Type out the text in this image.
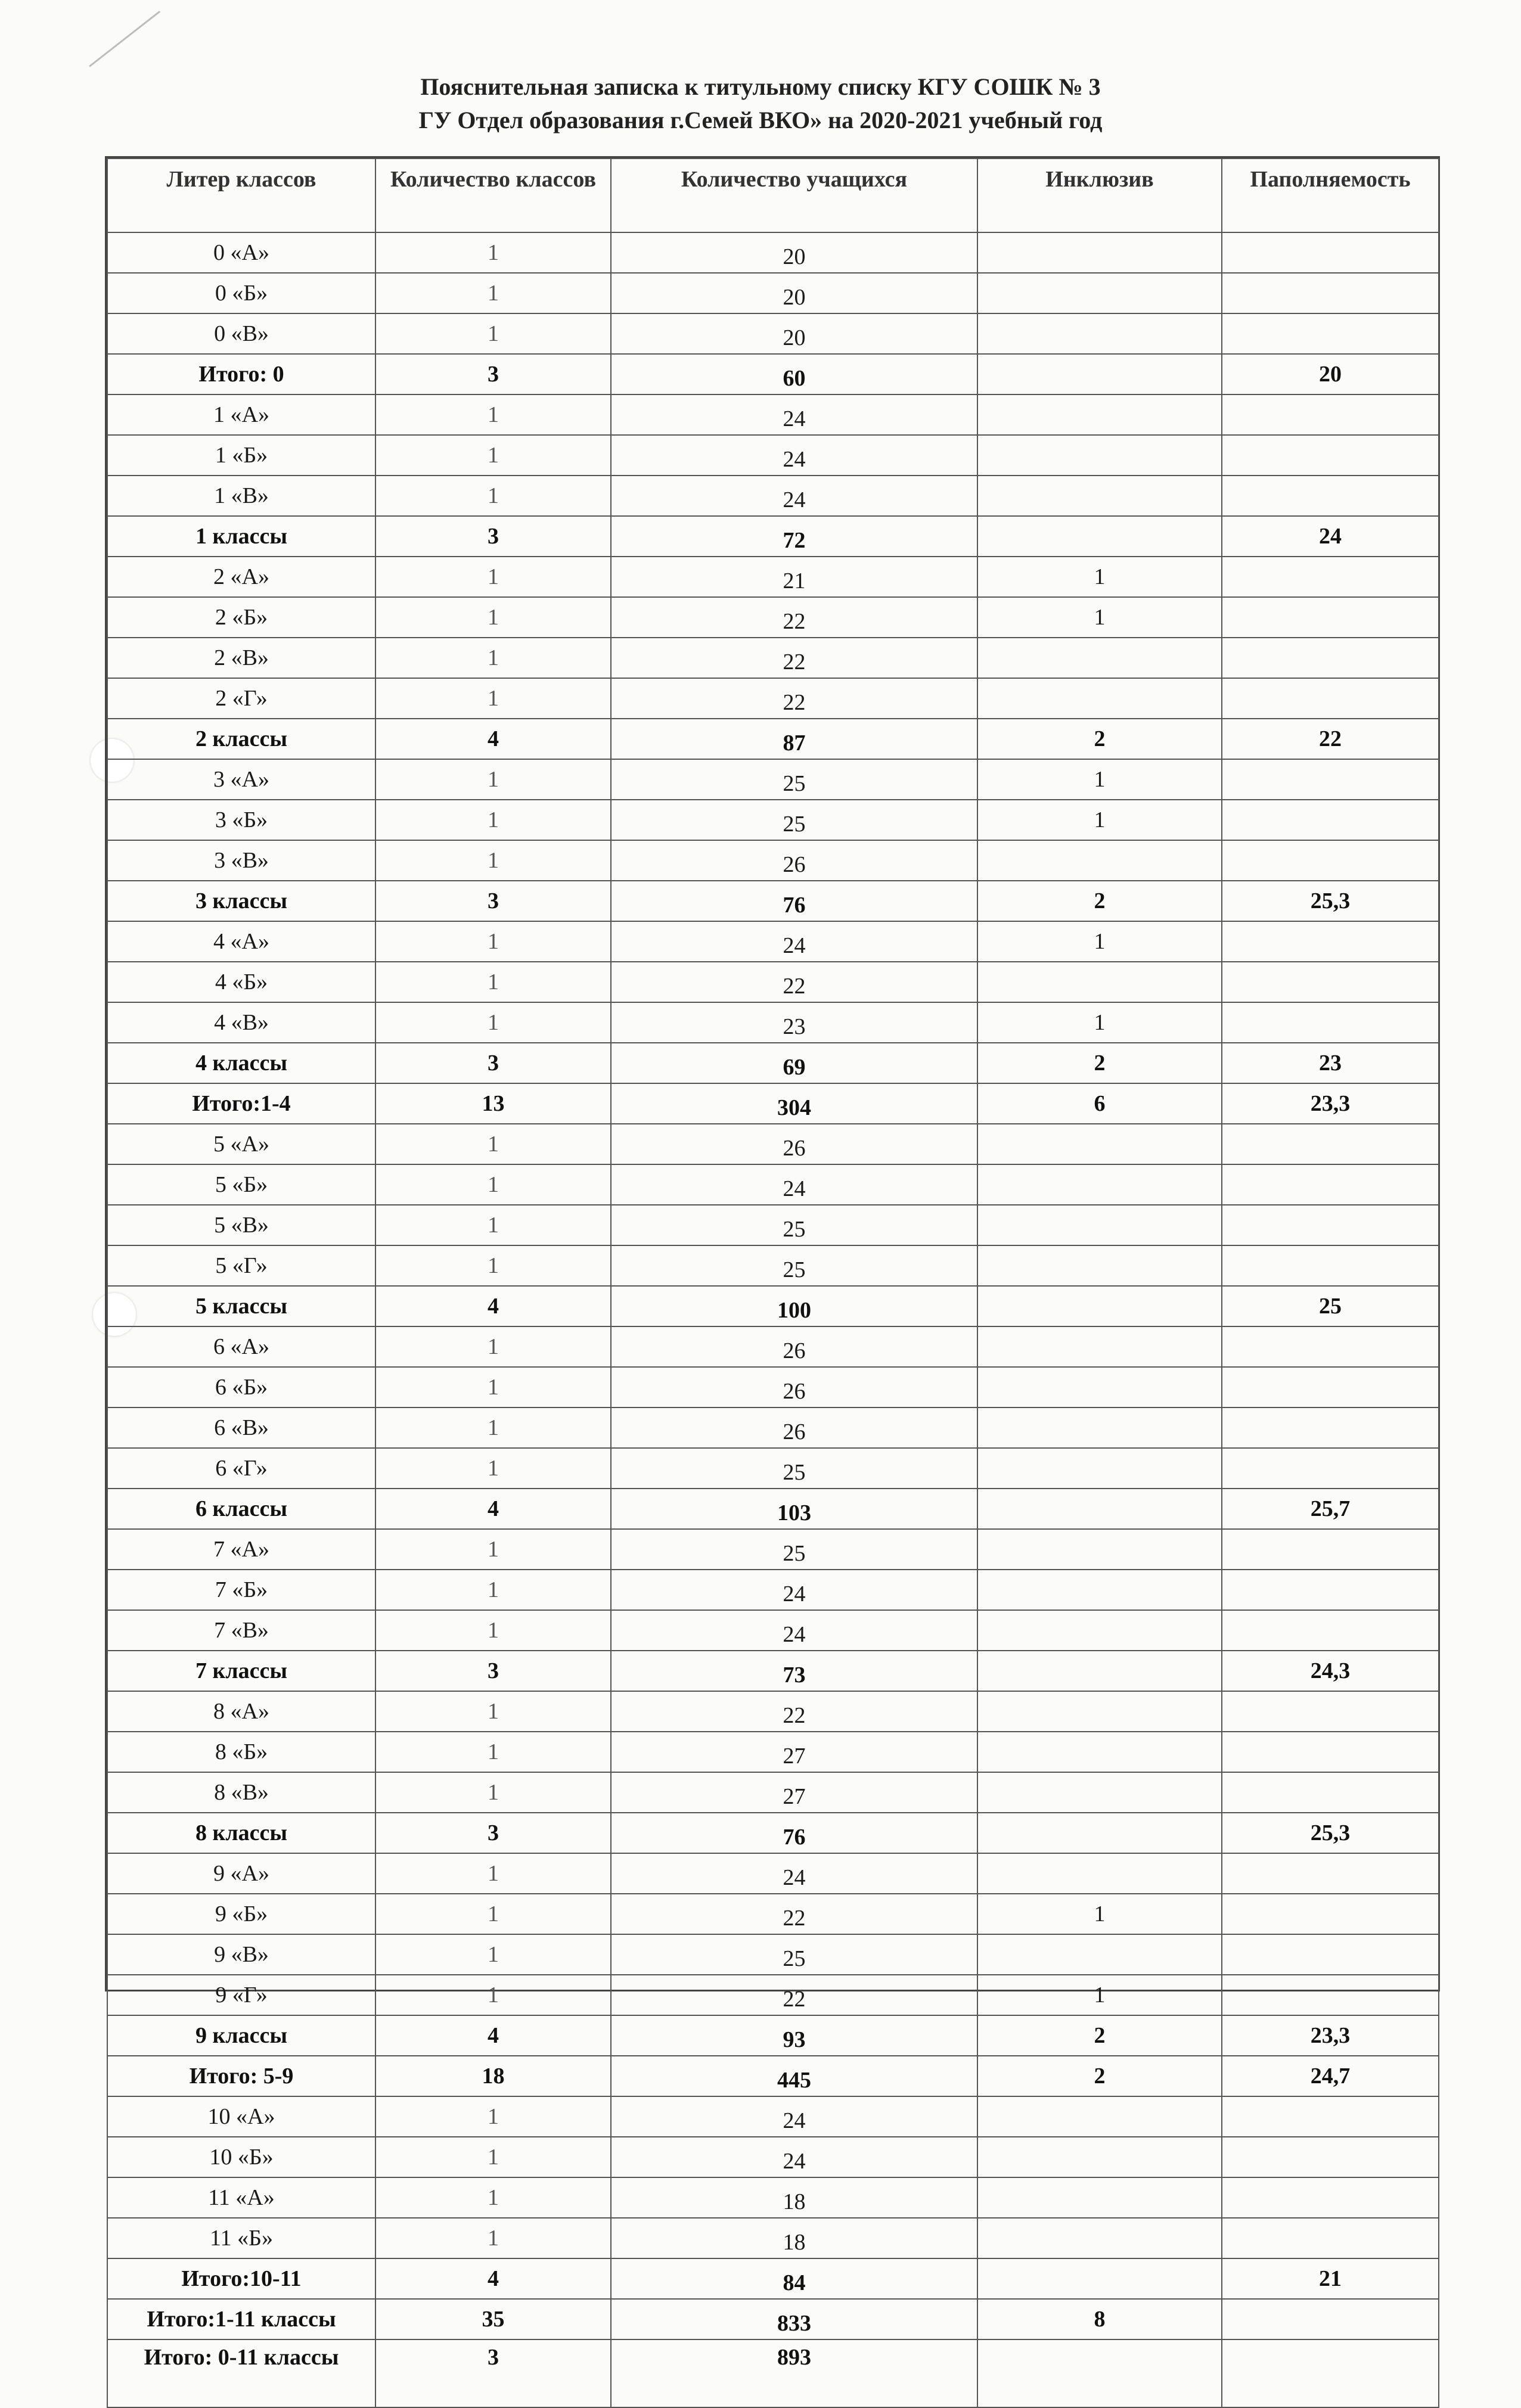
Пояснительная записка к титульному списку КГУ СОШК № 3
ГУ Отдел образования г.Семей ВКО» на 2020-2021 учебный год
Литер классов	Количество классов	Количество учащихся	Инклюзив	Паполняемость
0 «А»	1	20		
0 «Б»	1	20		
0 «В»	1	20		
Итого: 0	3	60		20
1 «А»	1	24		
1 «Б»	1	24		
1 «В»	1	24		
1 классы	3	72		24
2 «А»	1	21	1	
2 «Б»	1	22	1	
2 «В»	1	22		
2 «Г»	1	22		
2 классы	4	87	2	22
3 «А»	1	25	1	
3 «Б»	1	25	1	
3 «В»	1	26		
3 классы	3	76	2	25,3
4 «А»	1	24	1	
4 «Б»	1	22		
4 «В»	1	23	1	
4 классы	3	69	2	23
Итого:1-4	13	304	6	23,3
5 «А»	1	26		
5 «Б»	1	24		
5 «В»	1	25		
5 «Г»	1	25		
5 классы	4	100		25
6 «А»	1	26		
6 «Б»	1	26		
6 «В»	1	26		
6 «Г»	1	25		
6 классы	4	103		25,7
7 «А»	1	25		
7 «Б»	1	24		
7 «В»	1	24		
7 классы	3	73		24,3
8 «А»	1	22		
8 «Б»	1	27		
8 «В»	1	27		
8 классы	3	76		25,3
9 «А»	1	24		
9 «Б»	1	22	1	
9 «В»	1	25		
9 «Г»	1	22	1	
9 классы	4	93	2	23,3
Итого: 5-9	18	445	2	24,7
10 «А»	1	24		
10 «Б»	1	24		
11 «А»	1	18		
11 «Б»	1	18		
Итого:10-11	4	84		21
Итого:1-11 классы	35	833	8	
Итого: 0-11 классы	3	893		
